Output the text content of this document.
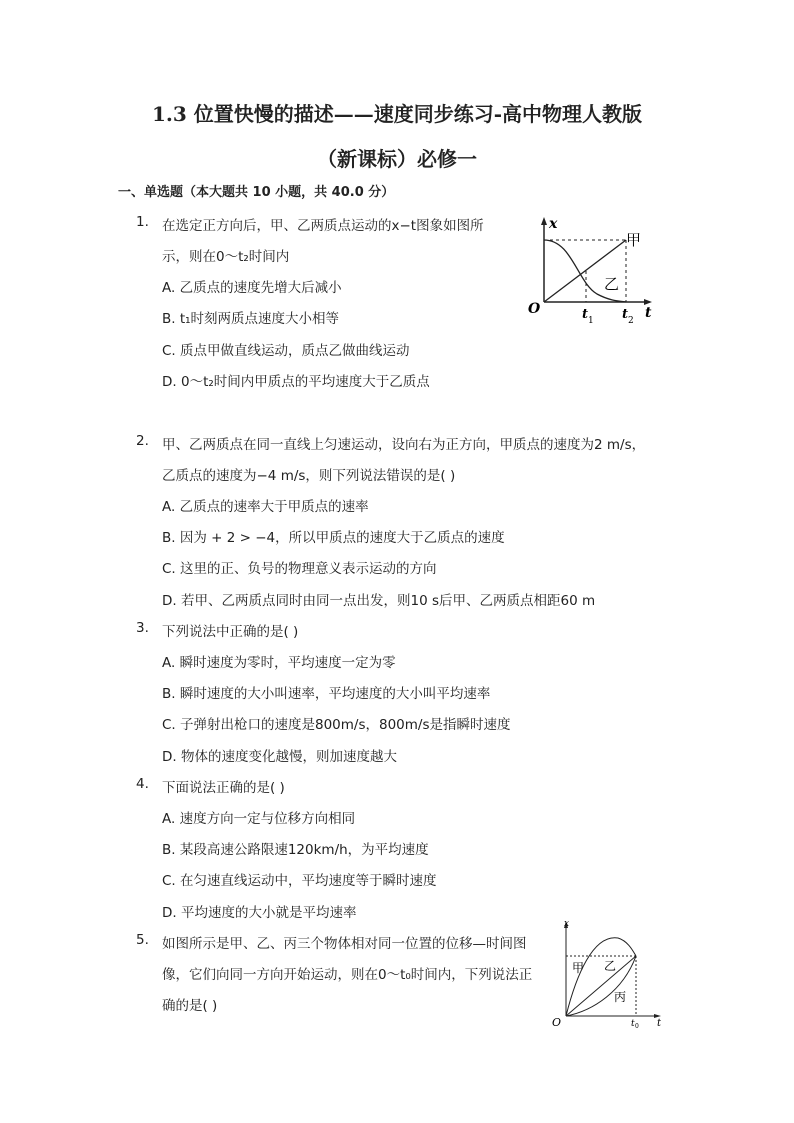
1.3 位置快慢的描述——速度同步练习-高中物理人教版
（新课标）必修一
一、单选题（本大题共 10 小题，共 40.0 分）
1. 在选定正方向后，甲、乙两质点运动的x−t图象如图所
示，则在0～t₂时间内
A. 乙质点的速度先增大后减小
B. t₁时刻两质点速度大小相等
C. 质点甲做直线运动，质点乙做曲线运动
D. 0～t₂时间内甲质点的平均速度大于乙质点
x
O	t
t 1 t 2
甲
乙
2. 甲、乙两质点在同一直线上匀速运动，设向右为正方向，甲质点的速度为2 m/s，
乙质点的速度为−4 m/s，则下列说法错误的是( )
A. 乙质点的速率大于甲质点的速率
B. 因为 + 2 > −4，所以甲质点的速度大于乙质点的速度
C. 这里的正、负号的物理意义表示运动的方向
D. 若甲、乙两质点同时由同一点出发，则10 s后甲、乙两质点相距60 m
3. 下列说法中正确的是( )
A. 瞬时速度为零时，平均速度一定为零
B. 瞬时速度的大小叫速率，平均速度的大小叫平均速率
C. 子弹射出枪口的速度是800m/s，800m/s是指瞬时速度
D. 物体的速度变化越慢，则加速度越大
4. 下面说法正确的是( )
A. 速度方向一定与位移方向相同
B. 某段高速公路限速120km/h，为平均速度
C. 在匀速直线运动中，平均速度等于瞬时速度
D. 平均速度的大小就是平均速率
5. 如图所示是甲、乙、丙三个物体相对同一位置的位移—时间图
像，它们向同一方向开始运动，则在0～t₀时间内，下列说法正
确的是( )
x
O	t
t 0
甲 乙
丙
